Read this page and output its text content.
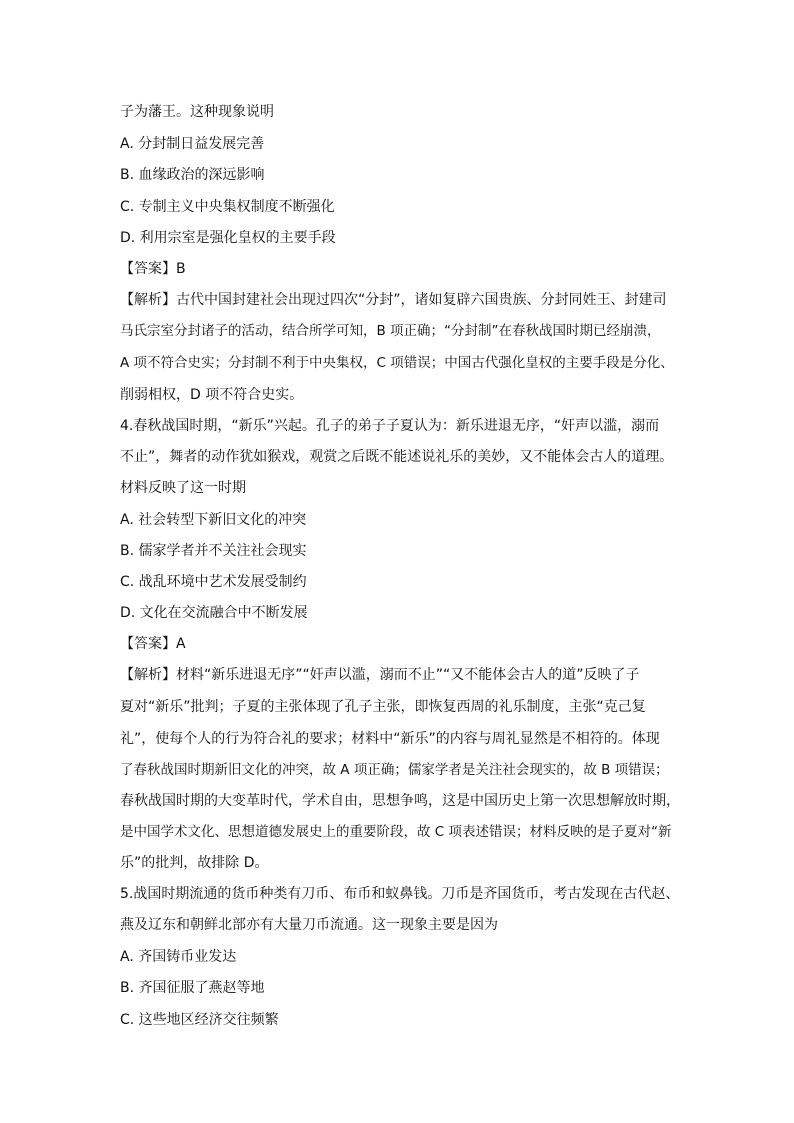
子为藩王。这种现象说明
A. 分封制日益发展完善
B. 血缘政治的深远影响
C. 专制主义中央集权制度不断强化
D. 利用宗室是强化皇权的主要手段
【答案】B
【解析】古代中国封建社会出现过四次“分封”，诸如复辟六国贵族、分封同姓王、封建司
马氏宗室分封诸子的活动，结合所学可知，B 项正确；“分封制”在春秋战国时期已经崩溃，
A 项不符合史实；分封制不利于中央集权，C 项错误；中国古代强化皇权的主要手段是分化、
削弱相权，D 项不符合史实。
4.春秋战国时期，“新乐”兴起。孔子的弟子子夏认为：新乐进退无序，“奸声以滥，溺而
不止”，舞者的动作犹如猴戏，观赏之后既不能述说礼乐的美妙，又不能体会古人的道理。
材料反映了这一时期
A. 社会转型下新旧文化的冲突
B. 儒家学者并不关注社会现实
C. 战乱环境中艺术发展受制约
D. 文化在交流融合中不断发展
【答案】A
【解析】材料“新乐进退无序”“奸声以滥，溺而不止”“又不能体会古人的道”反映了子
夏对“新乐”批判；子夏的主张体现了孔子主张，即恢复西周的礼乐制度，主张“克己复
礼”，使每个人的行为符合礼的要求；材料中“新乐”的内容与周礼显然是不相符的。体现
了春秋战国时期新旧文化的冲突，故 A 项正确；儒家学者是关注社会现实的，故 B 项错误；
春秋战国时期的大变革时代，学术自由，思想争鸣，这是中国历史上第一次思想解放时期，
是中国学术文化、思想道德发展史上的重要阶段，故 C 项表述错误；材料反映的是子夏对“新
乐”的批判，故排除 D。
5.战国时期流通的货币种类有刀币、布币和蚁鼻钱。刀币是齐国货币，考古发现在古代赵、
燕及辽东和朝鲜北部亦有大量刀币流通。这一现象主要是因为
A. 齐国铸币业发达
B. 齐国征服了燕赵等地
C. 这些地区经济交往频繁
